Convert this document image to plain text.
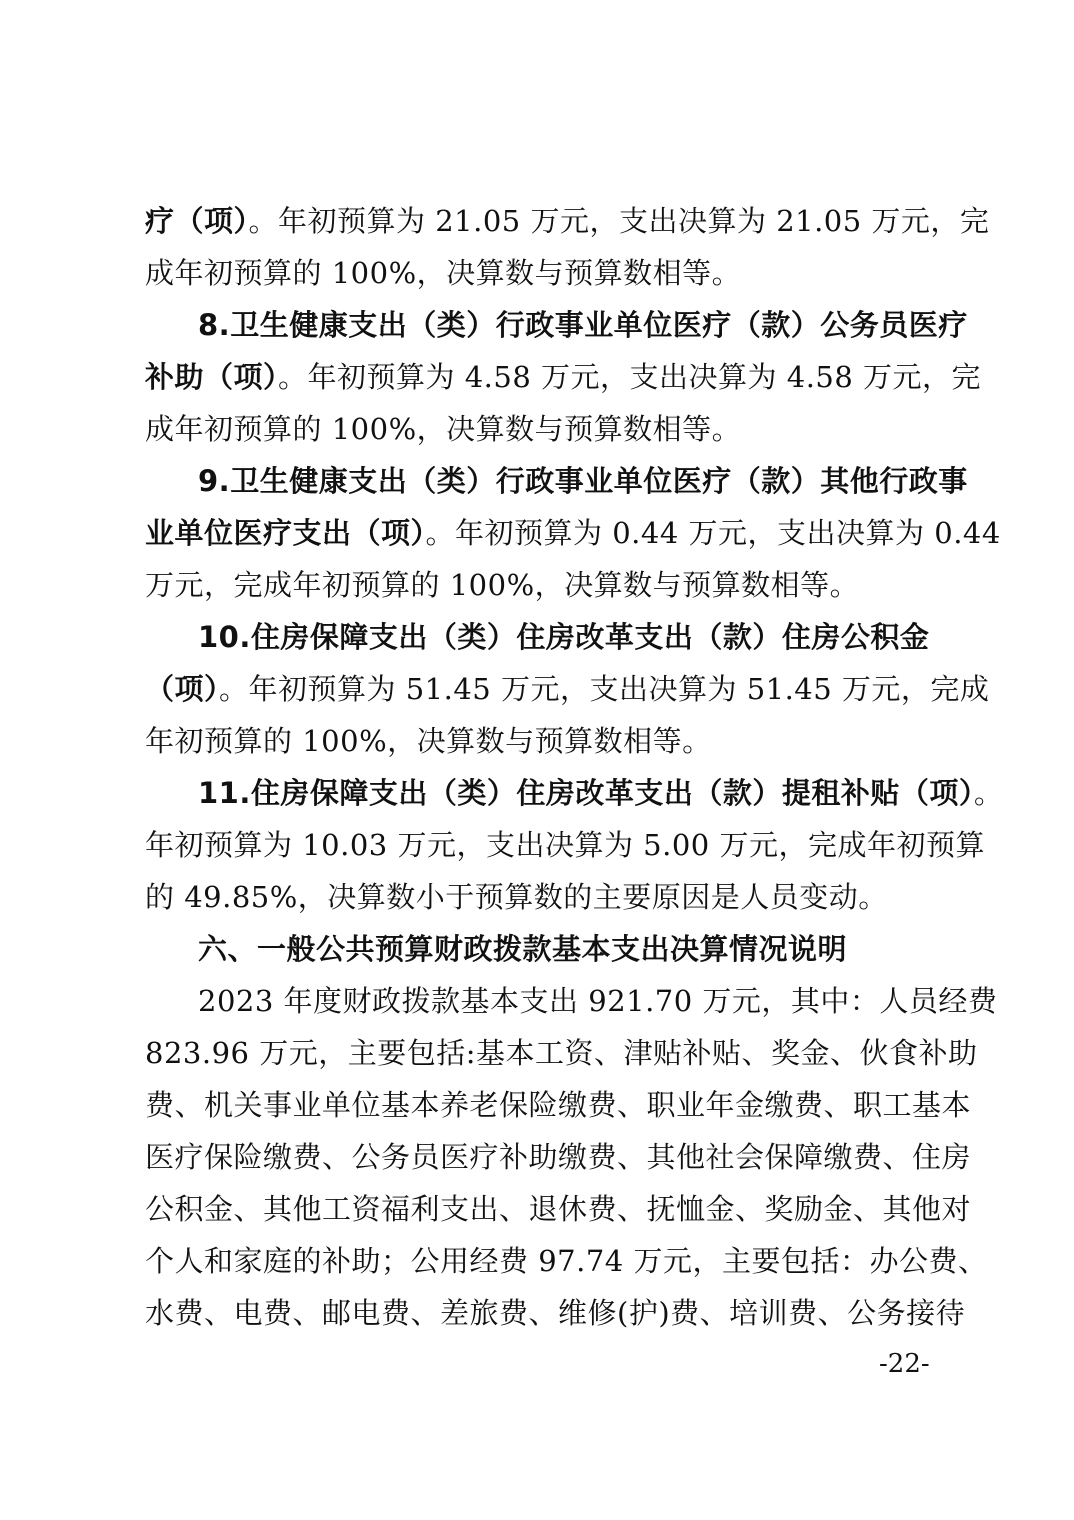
疗（项）。年初预算为 21.05 万元，支出决算为 21.05 万元，完
成年初预算的 100%，决算数与预算数相等。
8.卫生健康支出（类）行政事业单位医疗（款）公务员医疗
补助（项）。年初预算为 4.58 万元，支出决算为 4.58 万元，完
成年初预算的 100%，决算数与预算数相等。
9.卫生健康支出（类）行政事业单位医疗（款）其他行政事
业单位医疗支出（项）。年初预算为 0.44 万元，支出决算为 0.44
万元，完成年初预算的 100%，决算数与预算数相等。
10.住房保障支出（类）住房改革支出（款）住房公积金
（项）。年初预算为 51.45 万元，支出决算为 51.45 万元，完成
年初预算的 100%，决算数与预算数相等。
11.住房保障支出（类）住房改革支出（款）提租补贴（项）。
年初预算为 10.03 万元，支出决算为 5.00 万元，完成年初预算
的 49.85%，决算数小于预算数的主要原因是人员变动。
六、一般公共预算财政拨款基本支出决算情况说明
2023 年度财政拨款基本支出 921.70 万元，其中：人员经费
823.96 万元，主要包括:基本工资、津贴补贴、奖金、伙食补助
费、机关事业单位基本养老保险缴费、职业年金缴费、职工基本
医疗保险缴费、公务员医疗补助缴费、其他社会保障缴费、住房
公积金、其他工资福利支出、退休费、抚恤金、奖励金、其他对
个人和家庭的补助；公用经费 97.74 万元，主要包括：办公费、
水费、电费、邮电费、差旅费、维修(护)费、培训费、公务接待
-22-
